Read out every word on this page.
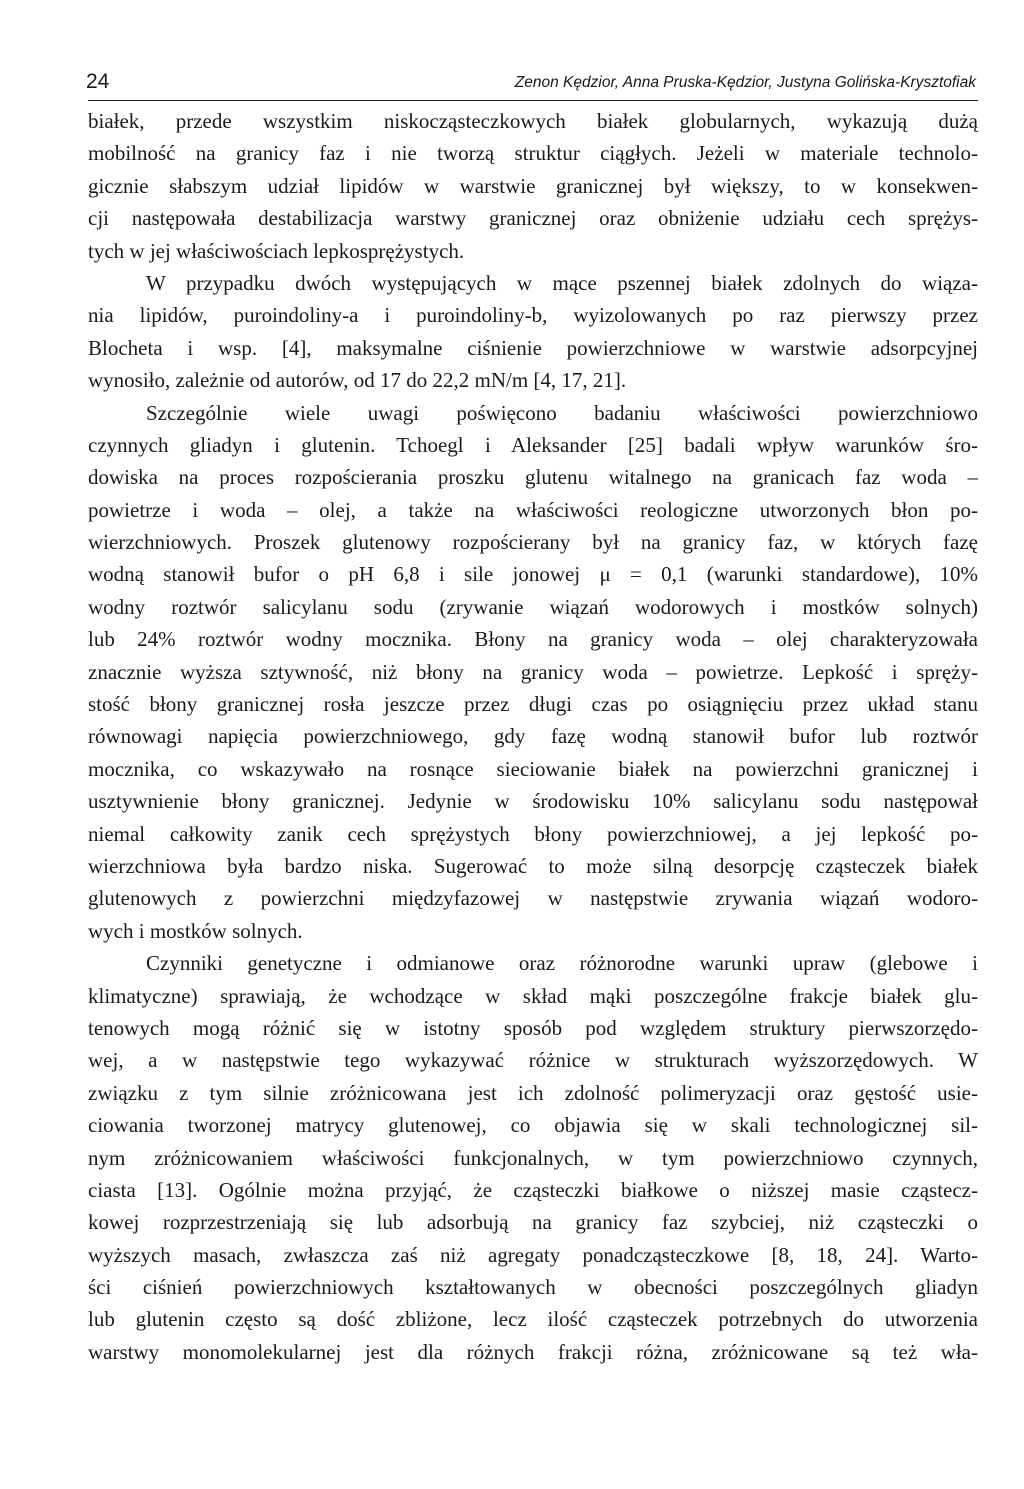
24	Zenon Kędzior, Anna Pruska-Kędzior, Justyna Golińska-Krysztofiak
białek, przede wszystkim niskocząsteczkowych białek globularnych, wykazują dużą
mobilność na granicy faz i nie tworzą struktur ciągłych. Jeżeli w materiale technolo-
gicznie słabszym udział lipidów w warstwie granicznej był większy, to w konsekwen-
cji następowała destabilizacja warstwy granicznej oraz obniżenie udziału cech sprężys-
tych w jej właściwościach lepkosprężystych.
W przypadku dwóch występujących w mące pszennej białek zdolnych do wiąza-
nia lipidów, puroindoliny-a i puroindoliny-b, wyizolowanych po raz pierwszy przez
Blocheta i wsp. [4], maksymalne ciśnienie powierzchniowe w warstwie adsorpcyjnej
wynosiło, zależnie od autorów, od 17 do 22,2 mN/m [4, 17, 21].
Szczególnie wiele uwagi poświęcono badaniu właściwości powierzchniowo
czynnych gliadyn i glutenin. Tchoegl i Aleksander [25] badali wpływ warunków śro-
dowiska na proces rozpościerania proszku glutenu witalnego na granicach faz woda –
powietrze i woda – olej, a także na właściwości reologiczne utworzonych błon po-
wierzchniowych. Proszek glutenowy rozpościerany był na granicy faz, w których fazę
wodną stanowił bufor o pH 6,8 i sile jonowej μ = 0,1 (warunki standardowe), 10%
wodny roztwór salicylanu sodu (zrywanie wiązań wodorowych i mostków solnych)
lub 24% roztwór wodny mocznika. Błony na granicy woda – olej charakteryzowała
znacznie wyższa sztywność, niż błony na granicy woda – powietrze. Lepkość i spręży-
stość błony granicznej rosła jeszcze przez długi czas po osiągnięciu przez układ stanu
równowagi napięcia powierzchniowego, gdy fazę wodną stanowił bufor lub roztwór
mocznika, co wskazywało na rosnące sieciowanie białek na powierzchni granicznej i
usztywnienie błony granicznej. Jedynie w środowisku 10% salicylanu sodu następował
niemal całkowity zanik cech sprężystych błony powierzchniowej, a jej lepkość po-
wierzchniowa była bardzo niska. Sugerować to może silną desorpcję cząsteczek białek
glutenowych z powierzchni międzyfazowej w następstwie zrywania wiązań wodoro-
wych i mostków solnych.
Czynniki genetyczne i odmianowe oraz różnorodne warunki upraw (glebowe i
klimatyczne) sprawiają, że wchodzące w skład mąki poszczególne frakcje białek glu-
tenowych mogą różnić się w istotny sposób pod względem struktury pierwszorzędo-
wej, a w następstwie tego wykazywać różnice w strukturach wyższorzędowych. W
związku z tym silnie zróżnicowana jest ich zdolność polimeryzacji oraz gęstość usie-
ciowania tworzonej matrycy glutenowej, co objawia się w skali technologicznej sil-
nym zróżnicowaniem właściwości funkcjonalnych, w tym powierzchniowo czynnych,
ciasta [13]. Ogólnie można przyjąć, że cząsteczki białkowe o niższej masie cząstecz-
kowej rozprzestrzeniają się lub adsorbują na granicy faz szybciej, niż cząsteczki o
wyższych masach, zwłaszcza zaś niż agregaty ponadcząsteczkowe [8, 18, 24]. Warto-
ści ciśnień powierzchniowych kształtowanych w obecności poszczególnych gliadyn
lub glutenin często są dość zbliżone, lecz ilość cząsteczek potrzebnych do utworzenia
warstwy monomolekularnej jest dla różnych frakcji różna, zróżnicowane są też wła-
